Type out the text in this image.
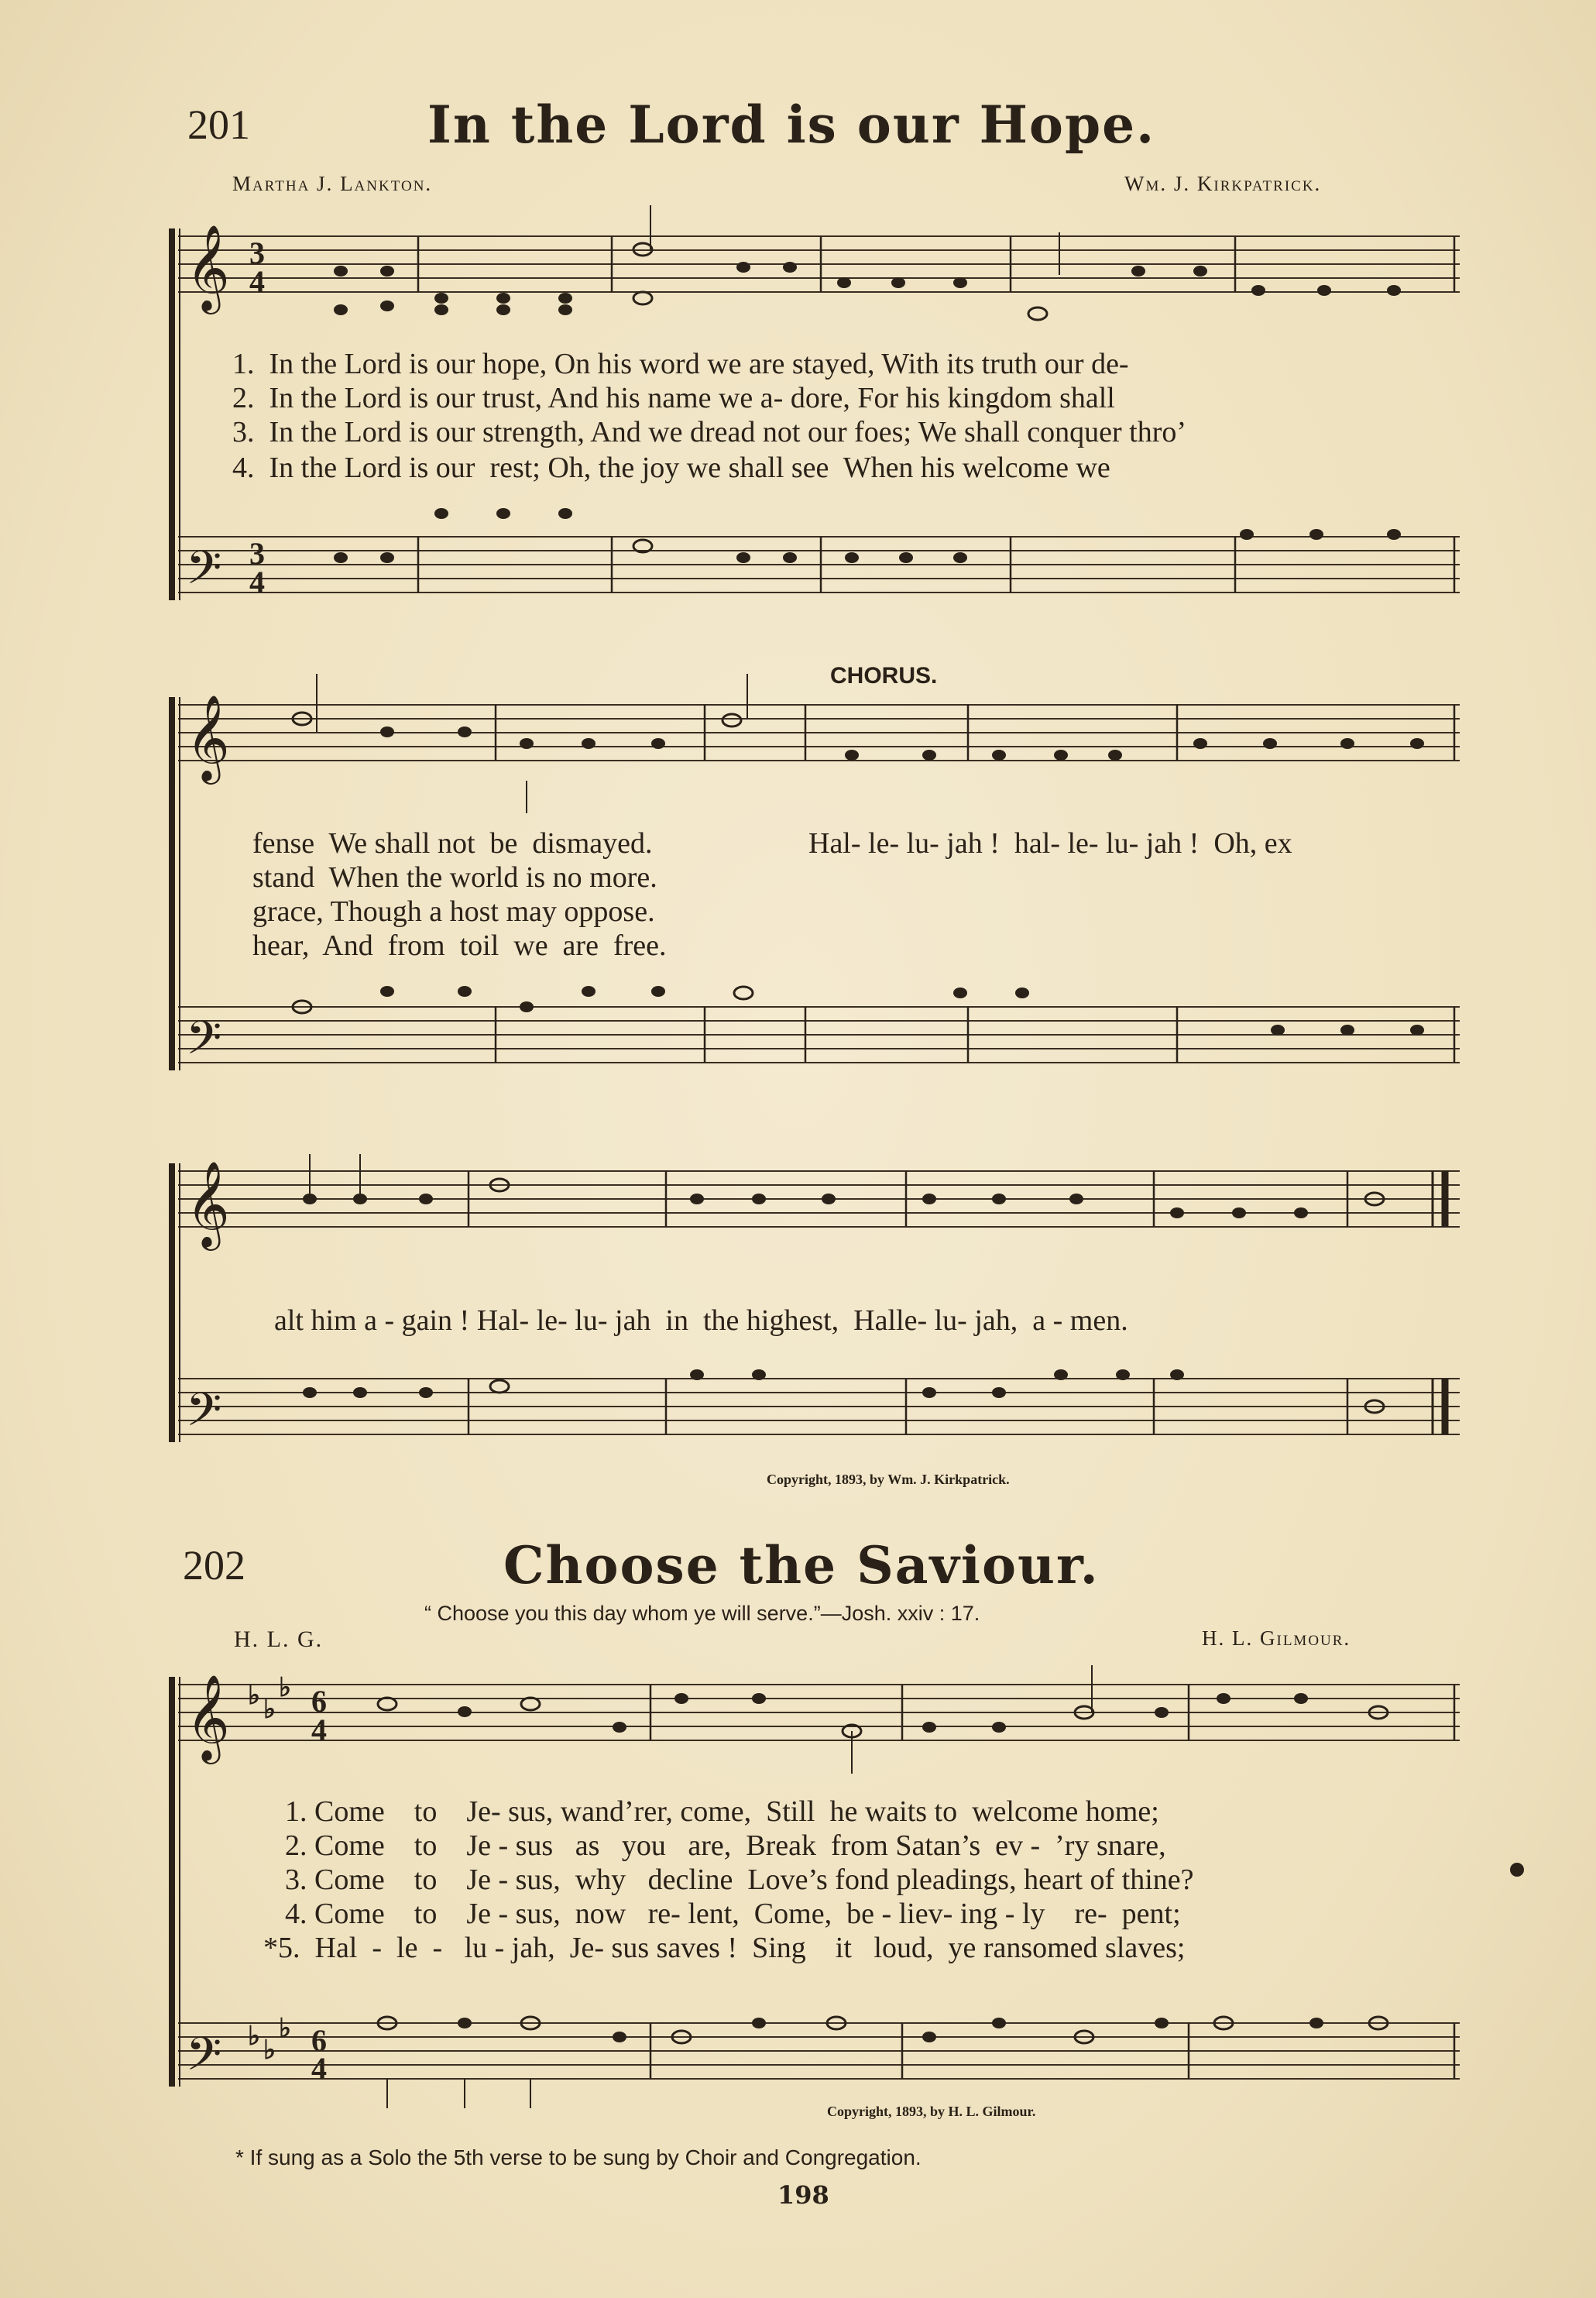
201	In the Lord is our Hope.
Martha J. Lankton.	Wm. J. Kirkpatrick.
𝄞
𝄢
𝄞
𝄢
𝄞
𝄢
𝄞
𝄢
3
4
3
4
♭ ♭
♭ 6
4
♭ ♭
♭ 6
4
1.  In the Lord is our hope, On his word we are stayed, With its truth our de-
2.  In the Lord is our trust, And his name we a- dore, For his kingdom shall
3.  In the Lord is our strength, And we dread not our foes; We shall conquer thro’
4.  In the Lord is our  rest; Oh, the joy we shall see  When his welcome we
CHORUS.
fense  We shall not  be  dismayed.
stand  When the world is no more.
grace, Though a host may oppose.
hear,  And  from  toil  we  are  free.
Hal- le- lu- jah !  hal- le- lu- jah !  Oh, ex
alt him a - gain ! Hal- le- lu- jah  in  the highest,  Halle- lu- jah,  a - men.
Copyright, 1893, by Wm. J. Kirkpatrick.
202	Choose the Saviour.
“ Choose you this day whom ye will serve.”—Josh. xxiv : 17.
H. L. G.	H. L. Gilmour.
1. Come    to    Je- sus, wand’rer, come,  Still  he waits to  welcome home;
2. Come    to    Je - sus   as   you   are,  Break  from Satan’s  ev -  ’ry snare,
3. Come    to    Je - sus,  why   decline  Love’s fond pleadings, heart of thine?
4. Come    to    Je - sus,  now   re- lent,  Come,  be - liev- ing - ly    re-  pent;
*5.  Hal  -  le  -   lu - jah,  Je- sus saves !  Sing    it   loud,  ye ransomed slaves;
Copyright, 1893, by H. L. Gilmour.
* If sung as a Solo the 5th verse to be sung by Choir and Congregation.
198
